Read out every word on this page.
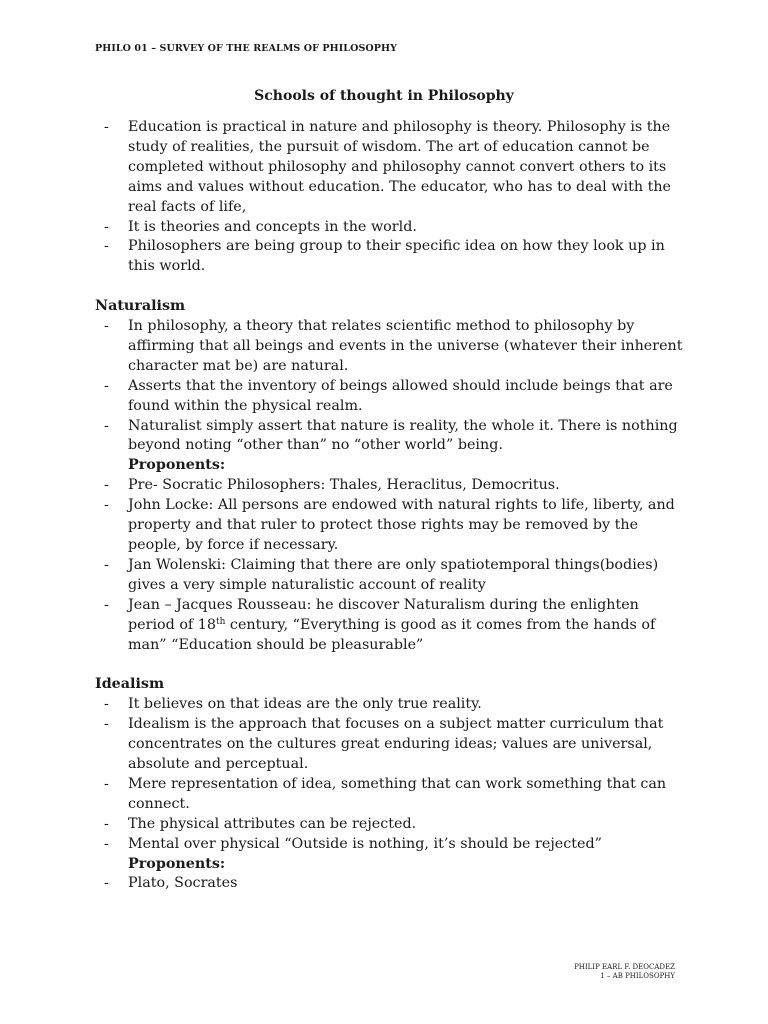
PHILO 01 – SURVEY OF THE REALMS OF PHILOSOPHY
Schools of thought in Philosophy
- Education is practical in nature and philosophy is theory. Philosophy is the study of realities, the pursuit of wisdom. The art of education cannot be completed without philosophy and philosophy cannot convert others to its aims and values without education. The educator, who has to deal with the real facts of life,
- It is theories and concepts in the world.
- Philosophers are being group to their specific idea on how they look up in this world.
Naturalism
- In philosophy, a theory that relates scientific method to philosophy by affirming that all beings and events in the universe (whatever their inherent character mat be) are natural.
- Asserts that the inventory of beings allowed should include beings that are found within the physical realm.
- Naturalist simply assert that nature is reality, the whole it. There is nothing beyond noting “other than” no “other world” being.
Proponents:
- Pre- Socratic Philosophers: Thales, Heraclitus, Democritus.
- John Locke: All persons are endowed with natural rights to life, liberty, and property and that ruler to protect those rights may be removed by the people, by force if necessary.
- Jan Wolenski: Claiming that there are only spatiotemporal things(bodies) gives a very simple naturalistic account of reality
- Jean – Jacques Rousseau: he discover Naturalism during the enlighten period of 18th century, “Everything is good as it comes from the hands of man” “Education should be pleasurable”
Idealism
- It believes on that ideas are the only true reality.
- Idealism is the approach that focuses on a subject matter curriculum that concentrates on the cultures great enduring ideas; values are universal, absolute and perceptual.
- Mere representation of idea, something that can work something that can connect.
- The physical attributes can be rejected.
- Mental over physical “Outside is nothing, it’s should be rejected”
Proponents:
- Plato, Socrates
PHILIP EARL F. DEOCADEZ
1 – AB PHILOSOPHY
